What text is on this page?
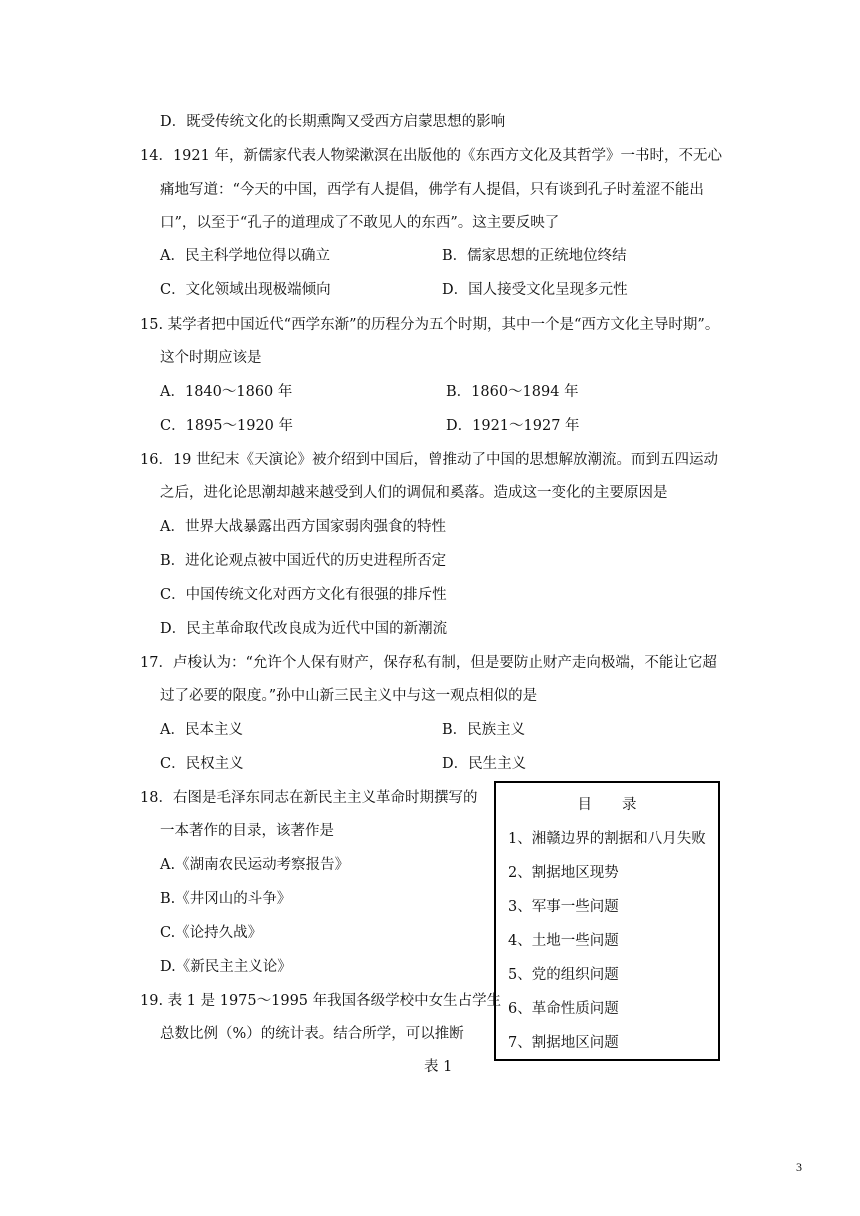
D．既受传统文化的长期熏陶又受西方启蒙思想的影响
14．1921 年，新儒家代表人物梁漱溟在出版他的《东西方文化及其哲学》一书时，不无心
痛地写道：“今天的中国，西学有人提倡，佛学有人提倡，只有谈到孔子时羞涩不能出
口”，以至于“孔子的道理成了不敢见人的东西”。这主要反映了
A．民主科学地位得以确立	B．儒家思想的正统地位终结
C．文化领域出现极端倾向	D．国人接受文化呈现多元性
15. 某学者把中国近代“西学东渐”的历程分为五个时期，其中一个是“西方文化主导时期”。
这个时期应该是
A．1840～1860 年	B．1860～1894 年
C．1895～1920 年	D．1921～1927 年
16．19 世纪末《天演论》被介绍到中国后，曾推动了中国的思想解放潮流。而到五四运动
之后，进化论思潮却越来越受到人们的调侃和奚落。造成这一变化的主要原因是
A．世界大战暴露出西方国家弱肉强食的特性
B．进化论观点被中国近代的历史进程所否定
C．中国传统文化对西方文化有很强的排斥性
D．民主革命取代改良成为近代中国的新潮流
17．卢梭认为：“允许个人保有财产，保存私有制，但是要防止财产走向极端，不能让它超
过了必要的限度。”孙中山新三民主义中与这一观点相似的是
A．民本主义	B．民族主义
C．民权主义	D．民生主义
18．右图是毛泽东同志在新民主主义革命时期撰写的
一本著作的目录，该著作是
A.《湖南农民运动考察报告》
B.《井冈山的斗争》
C.《论持久战》
D.《新民主主义论》
目录
1、湘赣边界的割据和八月失败
2、割据地区现势
3、军事一些问题
4、土地一些问题
5、党的组织问题
6、革命性质问题
7、割据地区问题
19. 表 1 是 1975～1995 年我国各级学校中女生占学生
总数比例（%）的统计表。结合所学，可以推断
表 1
3
